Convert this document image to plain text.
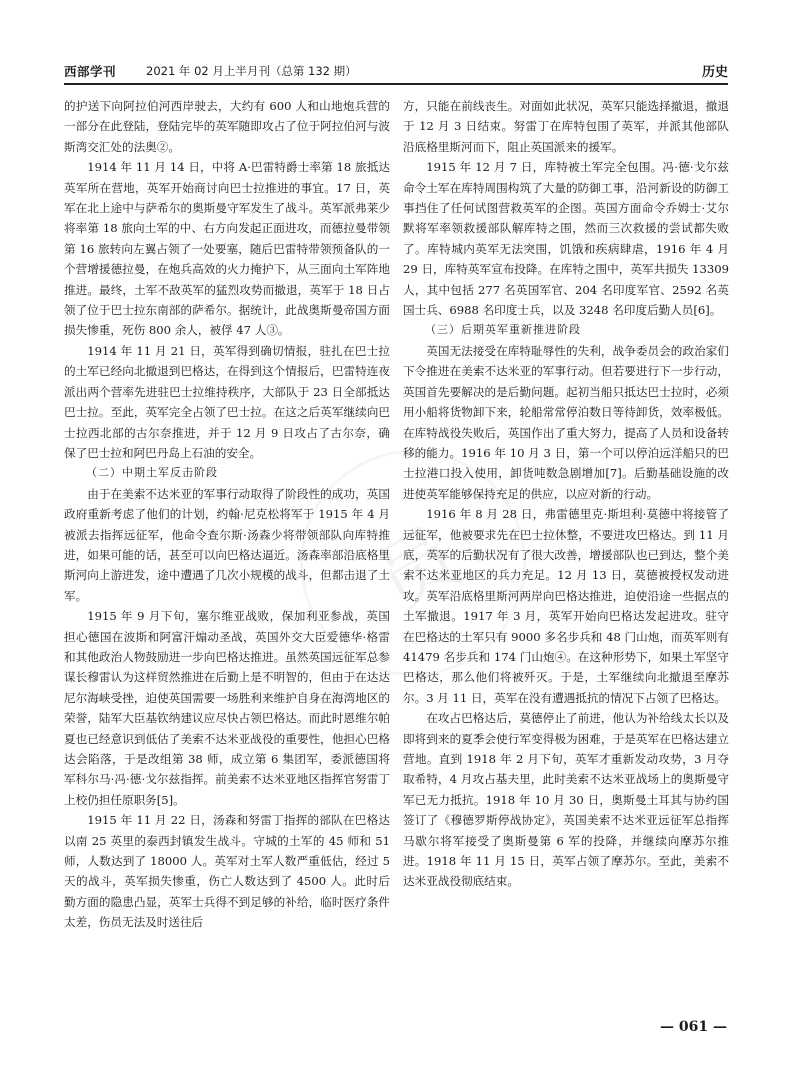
西部学刊	2021 年 02 月上半月刊（总第 132 期）	历史
员

的护送下向阿拉伯河西岸驶去，大约有 600 人和山地炮兵营的一部分在此登陆，登陆完毕的英军随即攻占了位于阿拉伯河与波斯湾交汇处的法奥②。

1914 年 11 月 14 日，中将 A·巴雷特爵士率第 18 旅抵达英军所在营地，英军开始商讨向巴士拉推进的事宜。17 日，英军在北上途中与萨希尔的奥斯曼守军发生了战斗。英军派弗莱少将率第 18 旅向土军的中、右方向发起正面进攻，而德拉曼带领第 16 旅转向左翼占领了一处要塞，随后巴雷特带领预备队的一个营增援德拉曼，在炮兵高效的火力掩护下，从三面向土军阵地推进。最终，土军不敌英军的猛烈攻势而撤退，英军于 18 日占领了位于巴士拉东南部的萨希尔。据统计，此战奥斯曼帝国方面损失惨重，死伤 800 余人，被俘 47 人③。

1914 年 11 月 21 日，英军得到确切情报，驻扎在巴士拉的土军已经向北撤退到巴格达，在得到这个情报后，巴雷特连夜派出两个营率先进驻巴士拉维持秩序，大部队于 23 日全部抵达巴士拉。至此，英军完全占领了巴士拉。在这之后英军继续向巴士拉西北部的古尔奈推进，并于 12 月 9 日攻占了古尔奈，确保了巴士拉和阿巴丹岛上石油的安全。

（二）中期土军反击阶段

由于在美索不达米亚的军事行动取得了阶段性的成功，英国政府重新考虑了他们的计划，约翰·尼克松将军于 1915 年 4 月被派去指挥远征军，他命令查尔斯·汤森少将带领部队向库特推进，如果可能的话，甚至可以向巴格达逼近。汤森率部沿底格里斯河向上游进发，途中遭遇了几次小规模的战斗，但都击退了土军。

1915 年 9 月下旬，塞尔维亚战败，保加利亚参战，英国担心德国在波斯和阿富汗煽动圣战，英国外交大臣爱德华·格雷和其他政治人物鼓励进一步向巴格达推进。虽然英国远征军总参谋长穆雷认为这样贸然推进在后勤上是不明智的，但由于在达达尼尔海峡受挫，迫使英国需要一场胜利来维护自身在海湾地区的荣誉，陆军大臣基钦纳建议应尽快占领巴格达。而此时恩维尔帕夏也已经意识到低估了美索不达米亚战役的重要性，他担心巴格达会陷落，于是改组第 38 师，成立第 6 集团军，委派德国将军科尔马·冯·德·戈尔兹指挥。前美索不达米亚地区指挥官努雷丁上校仍担任原职务[5]。

1915 年 11 月 22 日，汤森和努雷丁指挥的部队在巴格达以南 25 英里的泰西封镇发生战斗。守城的土军的 45 师和 51 师，人数达到了 18000 人。英军对土军人数严重低估，经过 5 天的战斗，英军损失惨重，伤亡人数达到了 4500 人。此时后勤方面的隐患凸显，英军士兵得不到足够的补给，临时医疗条件太差，伤员无法及时送往后

方，只能在前线丧生。对面如此状况，英军只能选择撤退，撤退于 12 月 3 日结束。努雷丁在库特包围了英军，并派其他部队沿底格里斯河而下，阻止英国派来的援军。

1915 年 12 月 7 日，库特被土军完全包围。冯·德·戈尔兹命令土军在库特周围构筑了大量的防御工事，沿河新设的防御工事挡住了任何试图营救英军的企图。英国方面命令乔姆士·艾尔默将军率领救援部队解库特之围，然而三次救援的尝试都失败了。库特城内英军无法突围，饥饿和疾病肆虐，1916 年 4 月 29 日，库特英军宣布投降。在库特之围中，英军共损失 13309 人，其中包括 277 名英国军官、204 名印度军官、2592 名英国士兵、6988 名印度士兵，以及 3248 名印度后勤人员[6]。

（三）后期英军重新推进阶段

英国无法接受在库特耻辱性的失利，战争委员会的政治家们下令推进在美索不达米亚的军事行动。但若要进行下一步行动，英国首先要解决的是后勤问题。起初当船只抵达巴士拉时，必须用小船将货物卸下来，轮船常常停泊数日等待卸货，效率极低。在库特战役失败后，英国作出了重大努力，提高了人员和设备转移的能力。1916 年 10 月 3 日，第一个可以停泊远洋船只的巴士拉港口投入使用，卸货吨数急剧增加[7]。后勤基础设施的改进使英军能够保持充足的供应，以应对新的行动。

1916 年 8 月 28 日，弗雷德里克·斯坦利·莫德中将接管了远征军，他被要求先在巴士拉休整，不要进攻巴格达。到 11 月底，英军的后勤状况有了很大改善，增援部队也已到达，整个美索不达米亚地区的兵力充足。12 月 13 日，莫德被授权发动进攻。英军沿底格里斯河两岸向巴格达推进，迫使沿途一些据点的土军撤退。1917 年 3 月，英军开始向巴格达发起进攻。驻守在巴格达的土军只有 9000 多名步兵和 48 门山炮，而英军则有 41479 名步兵和 174 门山炮④。在这种形势下，如果土军坚守巴格达，那么他们将被歼灭。于是，土军继续向北撤退至摩苏尔。3 月 11 日，英军在没有遭遇抵抗的情况下占领了巴格达。

在攻占巴格达后，莫德停止了前进，他认为补给线太长以及即将到来的夏季会使行军变得极为困难，于是英军在巴格达建立营地。直到 1918 年 2 月下旬，英军才重新发动攻势，3 月夺取希特，4 月攻占基夫里，此时美索不达米亚战场上的奥斯曼守军已无力抵抗。1918 年 10 月 30 日，奥斯曼土耳其与协约国签订了《穆德罗斯停战协定》，英国美索不达米亚远征军总指挥马歇尔将军接受了奥斯曼第 6 军的投降，并继续向摩苏尔推进。1918 年 11 月 15 日，英军占领了摩苏尔。至此，美索不达米亚战役彻底结束。

— 061 —
